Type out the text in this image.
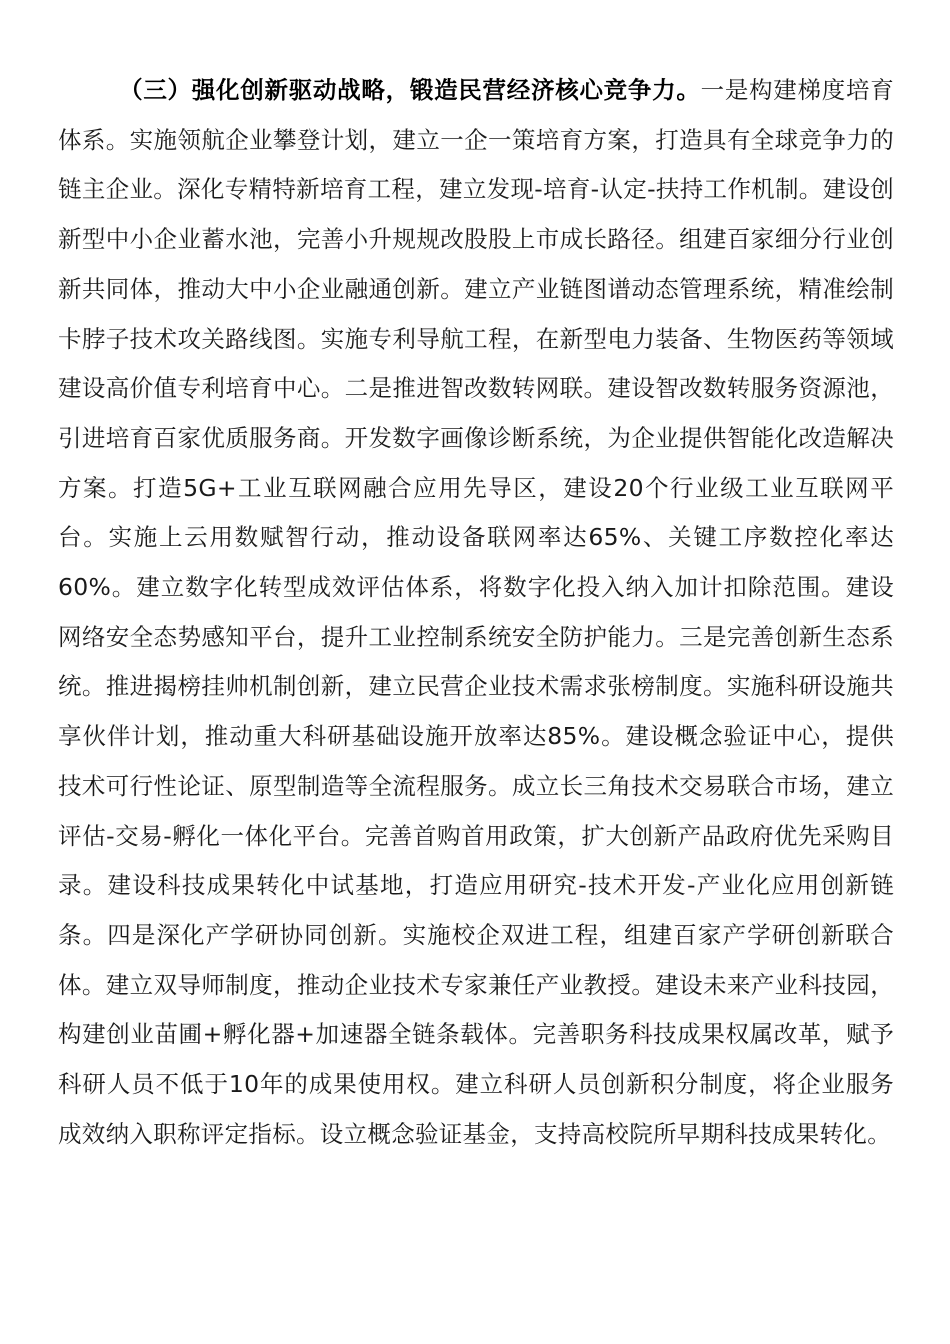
（三）强化创新驱动战略，锻造民营经济核心竞争力。一是构建梯度培育体系。实施领航企业攀登计划，建立一企一策培育方案，打造具有全球竞争力的链主企业。深化专精特新培育工程，建立发现-培育-认定-扶持工作机制。建设创新型中小企业蓄水池，完善小升规规改股股上市成长路径。组建百家细分行业创新共同体，推动大中小企业融通创新。建立产业链图谱动态管理系统，精准绘制卡脖子技术攻关路线图。实施专利导航工程，在新型电力装备、生物医药等领域建设高价值专利培育中心。二是推进智改数转网联。建设智改数转服务资源池，引进培育百家优质服务商。开发数字画像诊断系统，为企业提供智能化改造解决方案。打造5G+工业互联网融合应用先导区，建设20个行业级工业互联网平台。实施上云用数赋智行动，推动设备联网率达65%、关键工序数控化率达60%。建立数字化转型成效评估体系，将数字化投入纳入加计扣除范围。建设网络安全态势感知平台，提升工业控制系统安全防护能力。三是完善创新生态系统。推进揭榜挂帅机制创新，建立民营企业技术需求张榜制度。实施科研设施共享伙伴计划，推动重大科研基础设施开放率达85%。建设概念验证中心，提供技术可行性论证、原型制造等全流程服务。成立长三角技术交易联合市场，建立评估-交易-孵化一体化平台。完善首购首用政策，扩大创新产品政府优先采购目录。建设科技成果转化中试基地，打造应用研究-技术开发-产业化应用创新链条。四是深化产学研协同创新。实施校企双进工程，组建百家产学研创新联合体。建立双导师制度，推动企业技术专家兼任产业教授。建设未来产业科技园，构建创业苗圃+孵化器+加速器全链条载体。完善职务科技成果权属改革，赋予科研人员不低于10年的成果使用权。建立科研人员创新积分制度，将企业服务成效纳入职称评定指标。设立概念验证基金，支持高校院所早期科技成果转化。
